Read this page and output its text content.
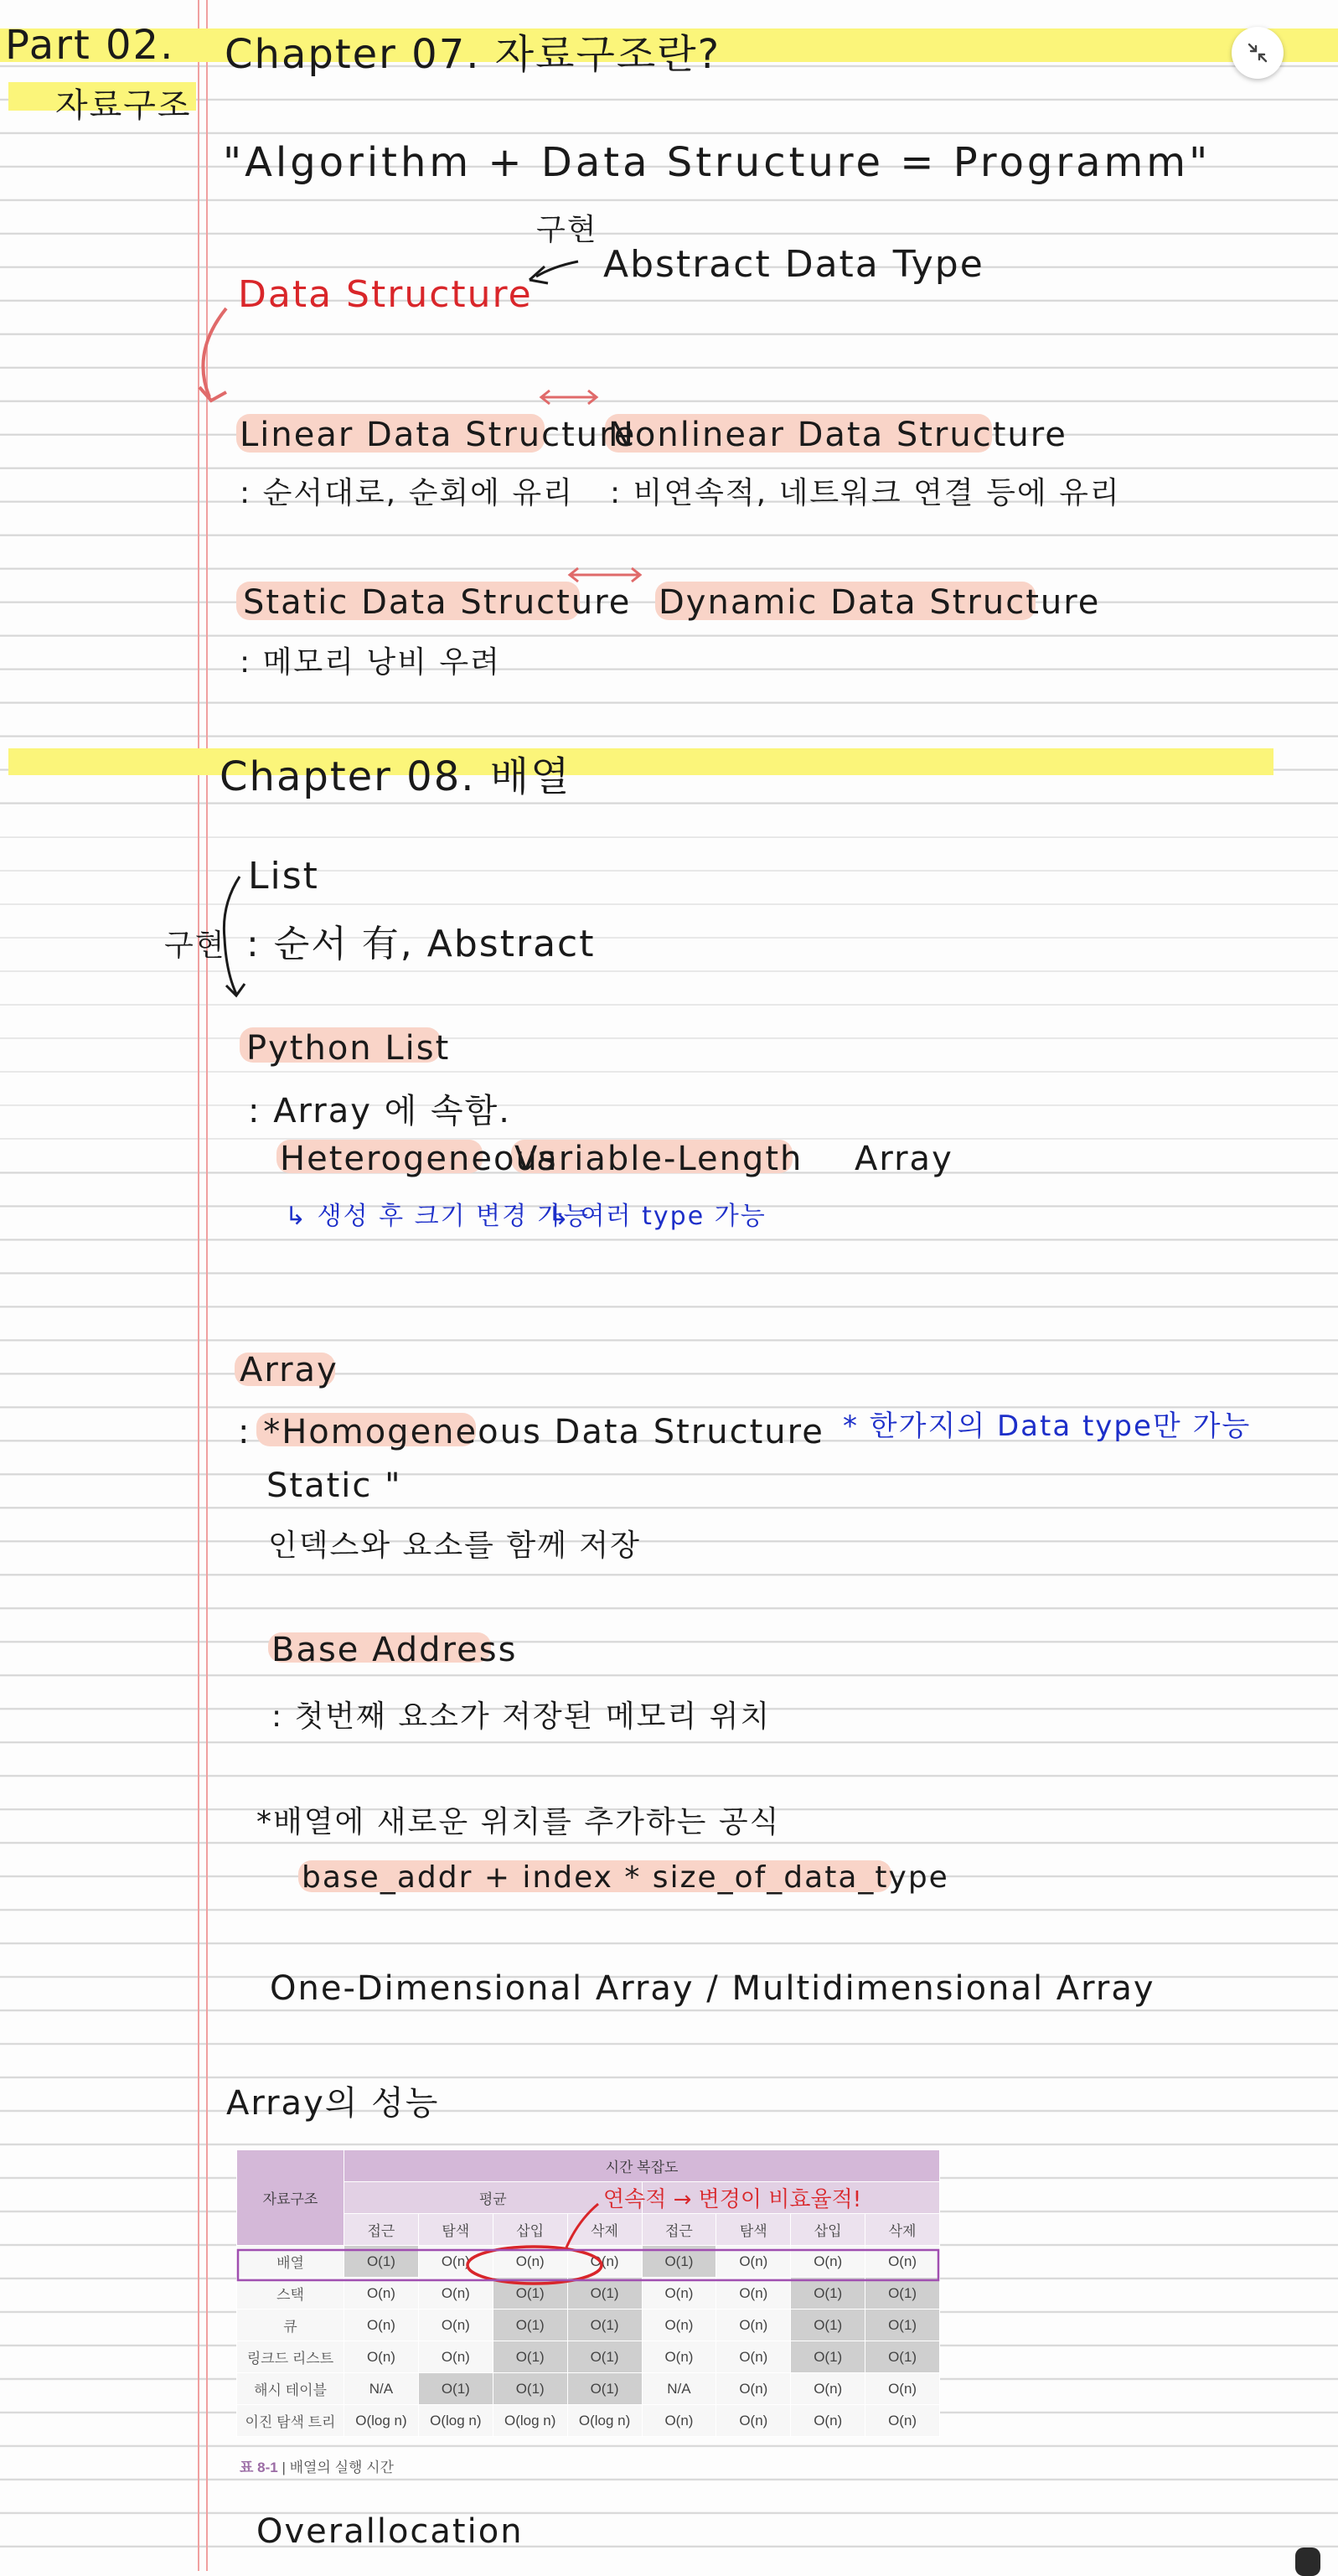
Part 02.
자료구조
Chapter 07. 자료구조란?
"Algorithm + Data Structure = Programm"
구현
Abstract Data Type
Data Structure
Linear Data Structure
Nonlinear Data Structure
: 순서대로, 순회에 유리 : 비연속적, 네트워크 연결 등에 유리
Static Data Structure Dynamic Data Structure
: 메모리 낭비 우려
Chapter 08. 배열
List
구현 : 순서 有, Abstract
Python List
: Array 에 속함.
Heterogeneous
Variable-Length Array
↳ 생성 후 크기 변경 가능
↳ 여러 type 가능
Array
: *Homogeneous Data Structure * 한가지의 Data type만 가능
Static "
인덱스와 요소를 함께 저장
Base Address
: 첫번째 요소가 저장된 메모리 위치
*배열에 새로운 위치를 추가하는 공식
base_addr + index * size_of_data_type
One-Dimensional Array / Multidimensional Array
Array의 성능
자료구조	시간 복잡도							
	평균							
	접근	탐색	삽입	삭제	접근	탐색	삽입	삭제
배열	O(1)	O(n)	O(n)	O(n)	O(1)	O(n)	O(n)	O(n)
스택	O(n)	O(n)	O(1)	O(1)	O(n)	O(n)	O(1)	O(1)
큐	O(n)	O(n)	O(1)	O(1)	O(n)	O(n)	O(1)	O(1)
링크드 리스트	O(n)	O(n)	O(1)	O(1)	O(n)	O(n)	O(1)	O(1)
해시 테이블	N/A	O(1)	O(1)	O(1)	N/A	O(n)	O(n)	O(n)
이진 탐색 트리	O(log n)	O(log n)	O(log n)	O(log n)	O(n)	O(n)	O(n)	O(n)
표 8-1 | 배열의 실행 시간
연속적 → 변경이 비효율적!
Overallocation
